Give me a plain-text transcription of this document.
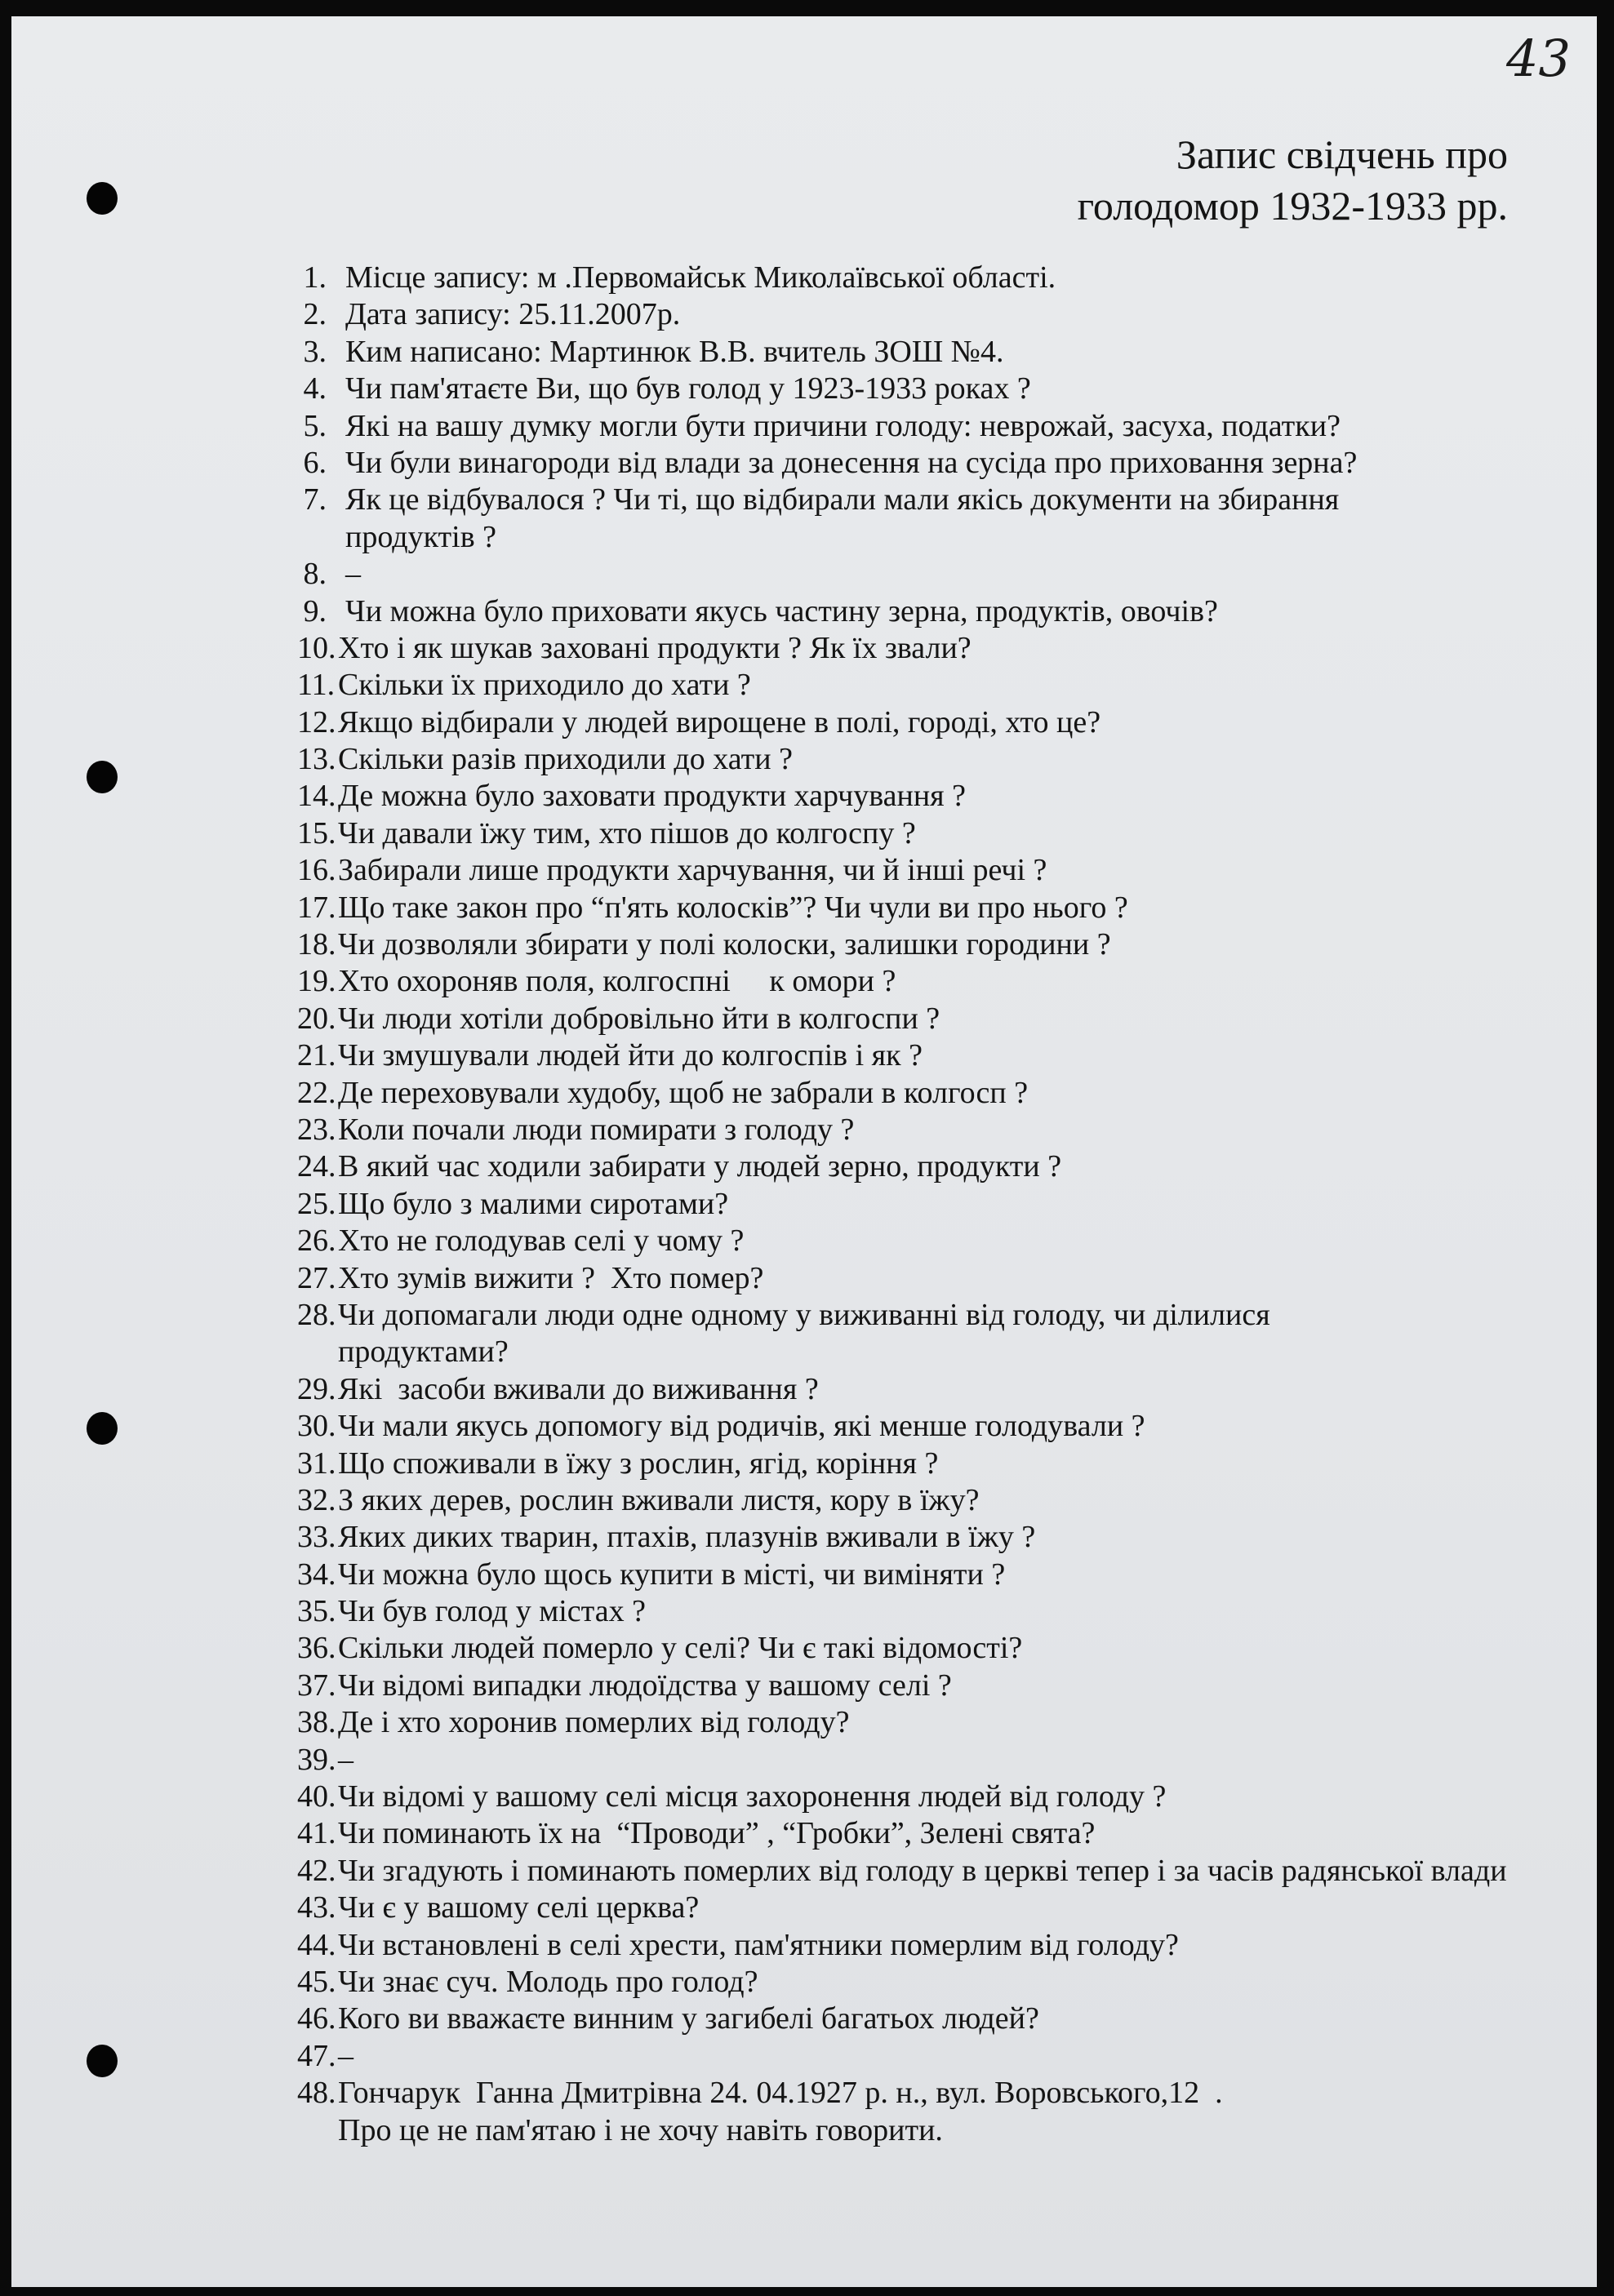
43
Запис свідчень про
голодомор 1932-1933 рр.
1. Місце запису: м .Первомайськ Миколаївської області.
2. Дата запису: 25.11.2007р.
3. Ким написано: Мартинюк В.В. вчитель ЗОШ №4.
4. Чи пам'ятаєте Ви, що був голод у 1923-1933 роках ?
5. Які на вашу думку могли бути причини голоду: неврожай, засуха, податки?
6. Чи були винагороди від влади за донесення на сусіда про приховання зерна?
7. Як це відбувалося ? Чи ті, що відбирали мали якісь документи на збирання
продуктів ?
8. –
9. Чи можна було приховати якусь частину зерна, продуктів, овочів?
10. Хто і як шукав заховані продукти ? Як їх звали?
11. Скільки їх приходило до хати ?
12. Якщо відбирали у людей вирощене в полі, городі, хто це?
13. Скільки разів приходили до хати ?
14. Де можна було заховати продукти харчування ?
15. Чи давали їжу тим, хто пішов до колгоспу ?
16. Забирали лише продукти харчування, чи й інші речі ?
17. Що таке закон про “п'ять колосків”? Чи чули ви про нього ?
18. Чи дозволяли збирати у полі колоски, залишки городини ?
19. Хто охороняв поля, колгоспні     к омори ?
20. Чи люди хотіли добровільно йти в колгоспи ?
21. Чи змушували людей йти до колгоспів і як ?
22. Де переховували худобу, щоб не забрали в колгосп ?
23. Коли почали люди помирати з голоду ?
24. В який час ходили забирати у людей зерно, продукти ?
25. Що було з малими сиротами?
26. Хто не голодував селі у чому ?
27. Хто зумів вижити ?  Хто помер?
28. Чи допомагали люди одне одному у виживанні від голоду, чи ділилися
продуктами?
29. Які  засоби вживали до виживання ?
30. Чи мали якусь допомогу від родичів, які менше голодували ?
31. Що споживали в їжу з рослин, ягід, коріння ?
32. З яких дерев, рослин вживали листя, кору в їжу?
33. Яких диких тварин, птахів, плазунів вживали в їжу ?
34. Чи можна було щось купити в місті, чи виміняти ?
35. Чи був голод у містах ?
36. Скільки людей померло у селі? Чи є такі відомості?
37. Чи відомі випадки людоїдства у вашому селі ?
38. Де і хто хоронив померлих від голоду?
39. –
40. Чи відомі у вашому селі місця захоронення людей від голоду ?
41. Чи поминають їх на  “Проводи” , “Гробки”, Зелені свята?
42. Чи згадують і поминають померлих від голоду в церкві тепер і за часів радянської влади
43. Чи є у вашому селі церква?
44. Чи встановлені в селі хрести, пам'ятники померлим від голоду?
45. Чи знає суч. Молодь про голод?
46. Кого ви вважаєте винним у загибелі багатьох людей?
47. –
48. Гончарук  Ганна Дмитрівна 24. 04.1927 р. н., вул. Воровського,12  .
Про це не пам'ятаю і не хочу навіть говорити.
